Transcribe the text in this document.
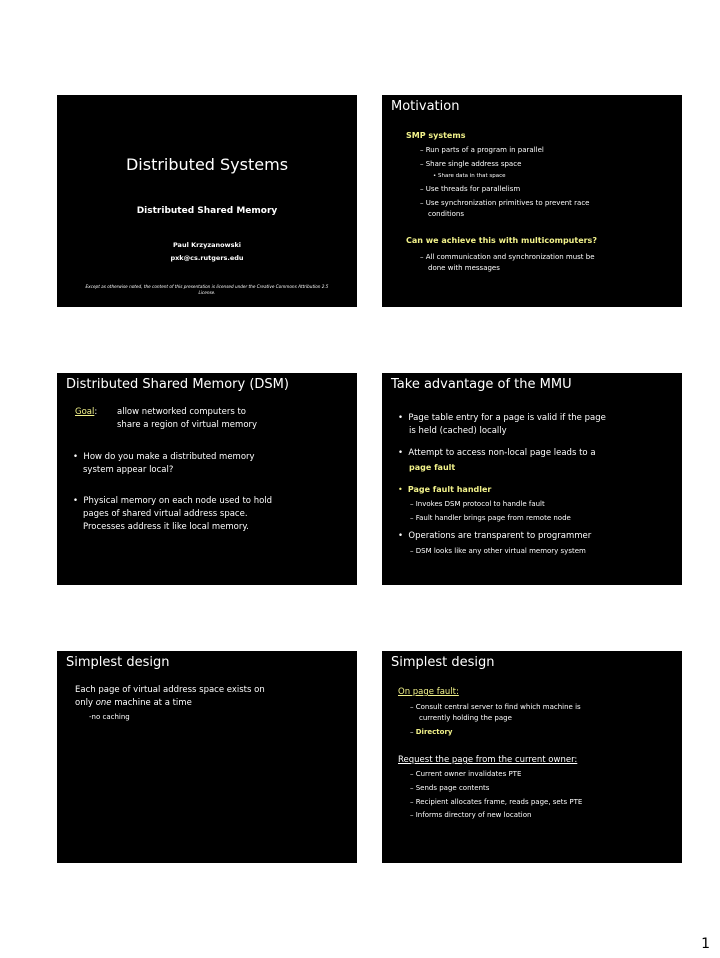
Distributed Systems
Distributed Shared Memory
Paul Krzyzanowski
pxk@cs.rutgers.edu
Except as otherwise noted, the content of this presentation is licensed under the Creative Commons Attribution 2.5 License.
Motivation
SMP systems
– Run parts of a program in parallel
– Share single address space
• Share data in that space
– Use threads for parallelism
– Use synchronization primitives to prevent race
conditions
Can we achieve this with multicomputers?
– All communication and synchronization must be
done with messages
Distributed Shared Memory (DSM)
Goal: allow networked computers to
share a region of virtual memory
•  How do you make a distributed memory
system appear local?
•  Physical memory on each node used to hold
pages of shared virtual address space.
Processes address it like local memory.
Take advantage of the MMU
•  Page table entry for a page is valid if the page
is held (cached) locally
•  Attempt to access non-local page leads to a
page fault
•  Page fault handler
– Invokes DSM protocol to handle fault
– Fault handler brings page from remote node
•  Operations are transparent to programmer
– DSM looks like any other virtual memory system
Simplest design
Each page of virtual address space exists on
only one machine at a time
-no caching
Simplest design
On page fault:
– Consult central server to find which machine is
currently holding the page
– Directory
Request the page from the current owner:
– Current owner invalidates PTE
– Sends page contents
– Recipient allocates frame, reads page, sets PTE
– Informs directory of new location
1
